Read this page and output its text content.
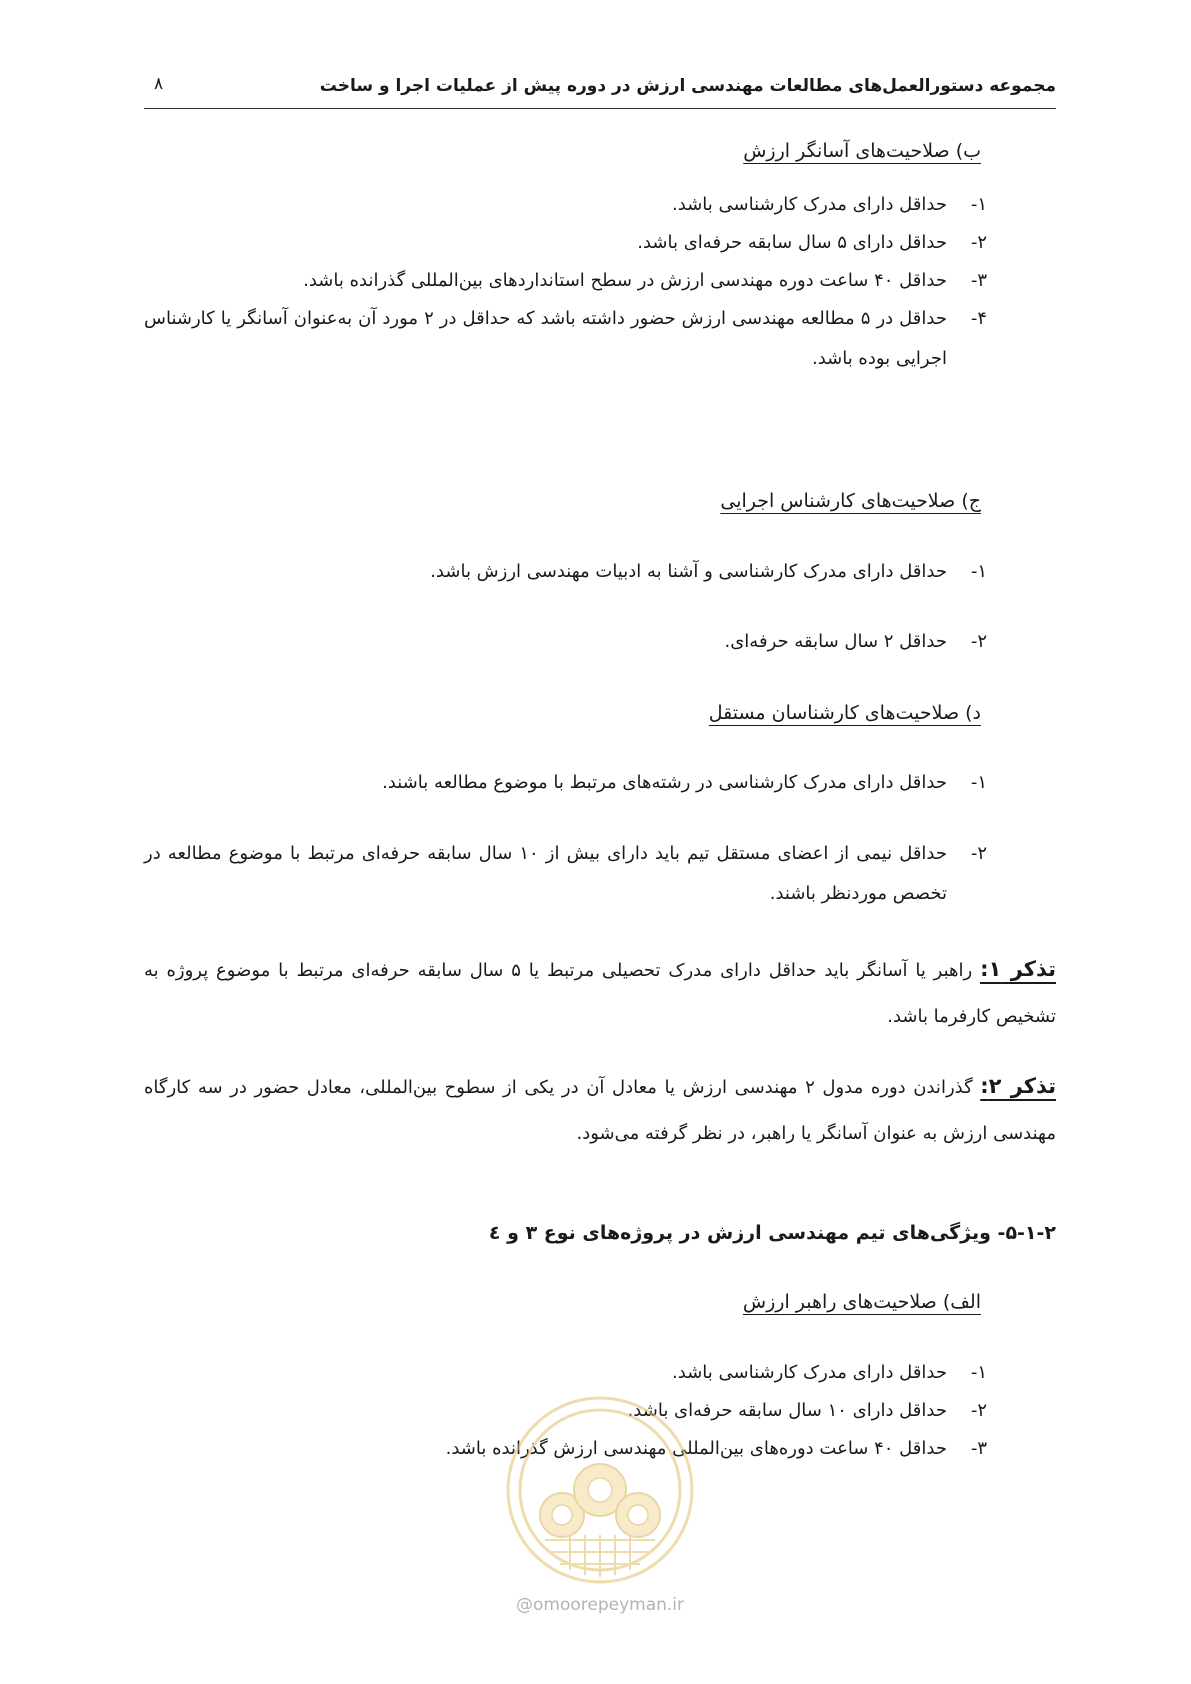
مجموعه دستورالعمل‌های مطالعات مهندسی ارزش در دوره پیش از عملیات اجرا و ساخت
۸
ب) صلاحیت‌های آسانگر ارزش
۱-
حداقل دارای مدرک کارشناسی باشد.
۲-
حداقل دارای ۵ سال سابقه حرفه‌ای باشد.
۳-
حداقل ۴۰ ساعت دوره مهندسی ارزش در سطح استانداردهای بین‌المللی گذرانده باشد.
۴-
حداقل در ۵ مطالعه مهندسی ارزش حضور داشته باشد که حداقل در ۲ مورد آن به‌عنوان آسانگر یا کارشناس اجرایی بوده باشد.
ج) صلاحیت‌های کارشناس اجرایی
۱-
حداقل دارای مدرک کارشناسی و آشنا به ادبیات مهندسی ارزش باشد.
۲-
حداقل ۲ سال سابقه حرفه‌ای.
د) صلاحیت‌های کارشناسان مستقل
۱-
حداقل دارای مدرک کارشناسی در رشته‌های مرتبط با موضوع مطالعه باشند.
۲-
حداقل نیمی از اعضای مستقل تیم باید دارای بیش از ۱۰ سال سابقه حرفه‌ای مرتبط با موضوع مطالعه در تخصص موردنظر باشند.
تذکر ۱: راهبر یا آسانگر باید حداقل دارای مدرک تحصیلی مرتبط یا ۵ سال سابقه حرفه‌ای مرتبط با موضوع پروژه به تشخیص کارفرما باشد.
تذکر ۲: گذراندن دوره مدول ۲ مهندسی ارزش یا معادل آن در یکی از سطوح بین‌المللی، معادل حضور در سه کارگاه مهندسی ارزش به عنوان آسانگر یا راهبر، در نظر گرفته می‌شود.
۵-۱-۲- ویژگی‌های تیم مهندسی ارزش در پروژه‌های نوع ۳ و ٤
الف) صلاحیت‌های راهبر ارزش
۱-
حداقل دارای مدرک کارشناسی باشد.
۲-
حداقل دارای ۱۰ سال سابقه حرفه‌ای باشد.
۳-
حداقل ۴۰ ساعت دوره‌های بین‌المللی مهندسی ارزش گذرانده باشد.
@omoorepeyman.ir
